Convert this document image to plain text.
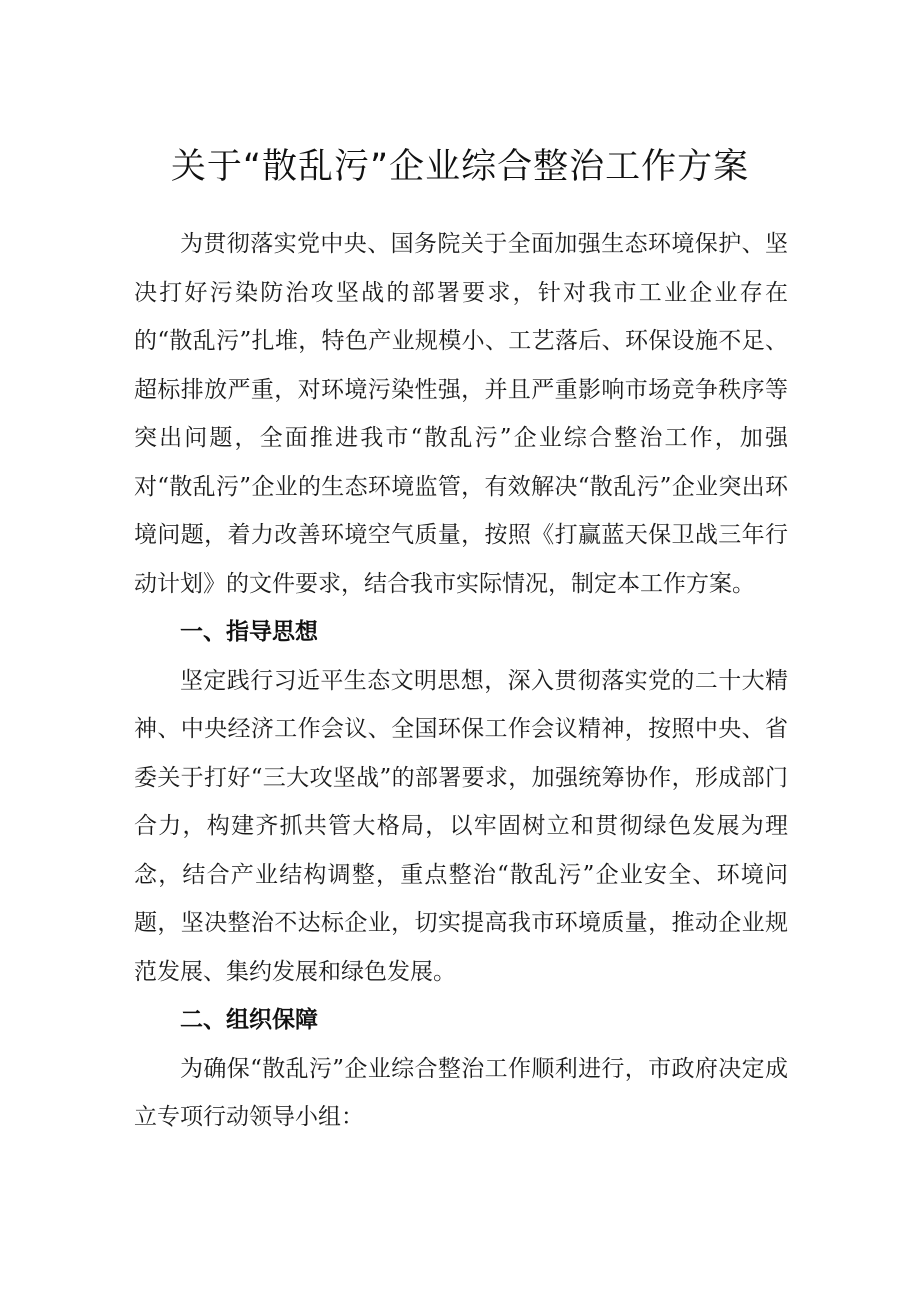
关于“散乱污”企业综合整治工作方案

为贯彻落实党中央、国务院关于全面加强生态环境保护、坚决打好污染防治攻坚战的部署要求，针对我市工业企业存在的“散乱污”扎堆，特色产业规模小、工艺落后、环保设施不足、超标排放严重，对环境污染性强，并且严重影响市场竞争秩序等突出问题，全面推进我市“散乱污”企业综合整治工作，加强对“散乱污”企业的生态环境监管，有效解决“散乱污”企业突出环境问题，着力改善环境空气质量，按照《打赢蓝天保卫战三年行动计划》的文件要求，结合我市实际情况，制定本工作方案。

一、指导思想

坚定践行习近平生态文明思想，深入贯彻落实党的二十大精神、中央经济工作会议、全国环保工作会议精神，按照中央、省委关于打好“三大攻坚战”的部署要求，加强统筹协作，形成部门合力，构建齐抓共管大格局，以牢固树立和贯彻绿色发展为理念，结合产业结构调整，重点整治“散乱污”企业安全、环境问题，坚决整治不达标企业，切实提高我市环境质量，推动企业规范发展、集约发展和绿色发展。

二、组织保障

为确保“散乱污”企业综合整治工作顺利进行，市政府决定成立专项行动领导小组：
